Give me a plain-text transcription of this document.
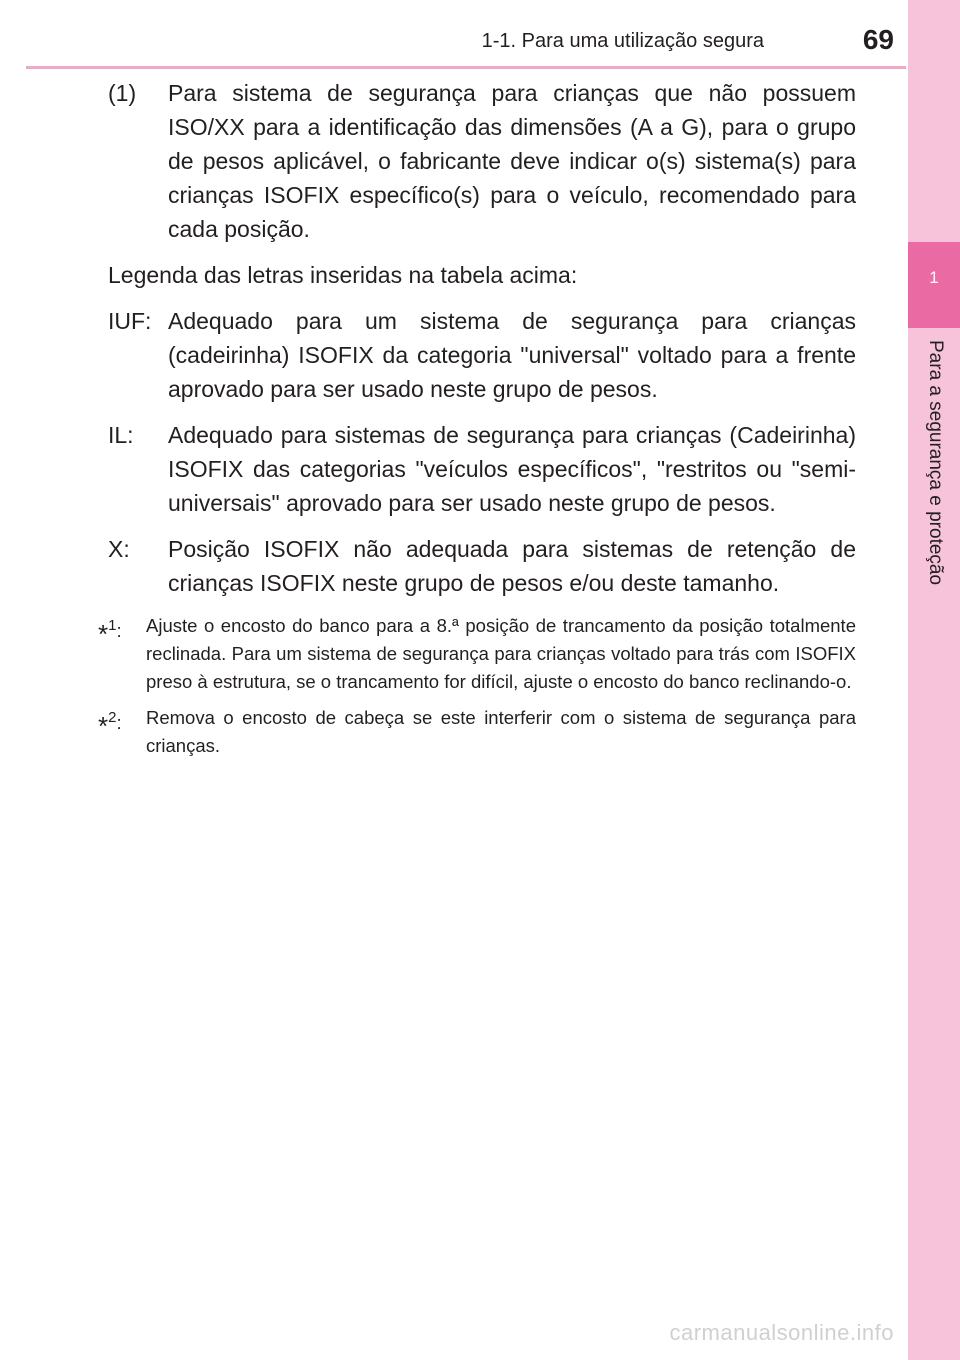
1
Para a segurança e proteção
1-1. Para uma utilização segura	69
(1)	Para sistema de segurança para crianças que não possuem ISO/XX para a identificação das dimensões (A a G), para o grupo de pesos aplicável, o fabricante deve indicar o(s) sistema(s) para crianças ISOFIX específico(s) para o veículo, recomendado para cada posição.
Legenda das letras inseridas na tabela acima:
IUF: Adequado para um sistema de segurança para crianças (cadeirinha) ISOFIX da categoria "universal" voltado para a frente aprovado para ser usado neste grupo de pesos.
IL:	Adequado para sistemas de segurança para crianças (Cadeirinha) ISOFIX das categorias "veículos específicos", "restritos ou "semi-universais" aprovado para ser usado neste grupo de pesos.
X:	Posição ISOFIX não adequada para sistemas de retenção de crianças ISOFIX neste grupo de pesos e/ou deste tamanho.
*$^1$:	Ajuste o encosto do banco para a 8.ª posição de trancamento da posição totalmente reclinada. Para um sistema de segurança para crianças voltado para trás com ISOFIX preso à estrutura, se o trancamento for difícil, ajuste o encosto do banco reclinando-o.
*$^2$:	Remova o encosto de cabeça se este interferir com o sistema de segurança para crianças.
carmanualsonline.info
